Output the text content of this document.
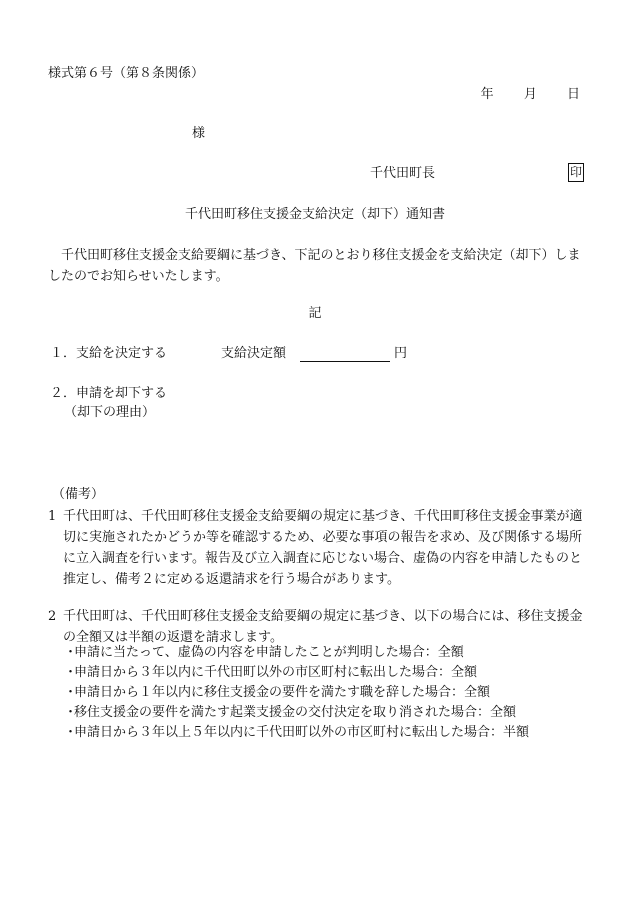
様式第６号（第８条関係）
年 月 日
様
千代田町長	印
千代田町移住支援金支給決定（却下）通知書
千代田町移住支援金支給要綱に基づき、下記のとおり移住支援金を支給決定（却下）しましたのでお知らせいたします。
記
１．支給を決定する	支給決定額	円
２．申請を却下する
（却下の理由）
（備考）
1 千代田町は、千代田町移住支援金支給要綱の規定に基づき、千代田町移住支援金事業が適切に実施されたかどうか等を確認するため、必要な事項の報告を求め、及び関係する場所に立入調査を行います。報告及び立入調査に応じない場合、虚偽の内容を申請したものと推定し、備考２に定める返還請求を行う場合があります。
2 千代田町は、千代田町移住支援金支給要綱の規定に基づき、以下の場合には、移住支援金の全額又は半額の返還を請求します。
・申請に当たって、虚偽の内容を申請したことが判明した場合：全額
・申請日から３年以内に千代田町以外の市区町村に転出した場合：全額
・申請日から１年以内に移住支援金の要件を満たす職を辞した場合：全額
・移住支援金の要件を満たす起業支援金の交付決定を取り消された場合：全額
・申請日から３年以上５年以内に千代田町以外の市区町村に転出した場合：半額
